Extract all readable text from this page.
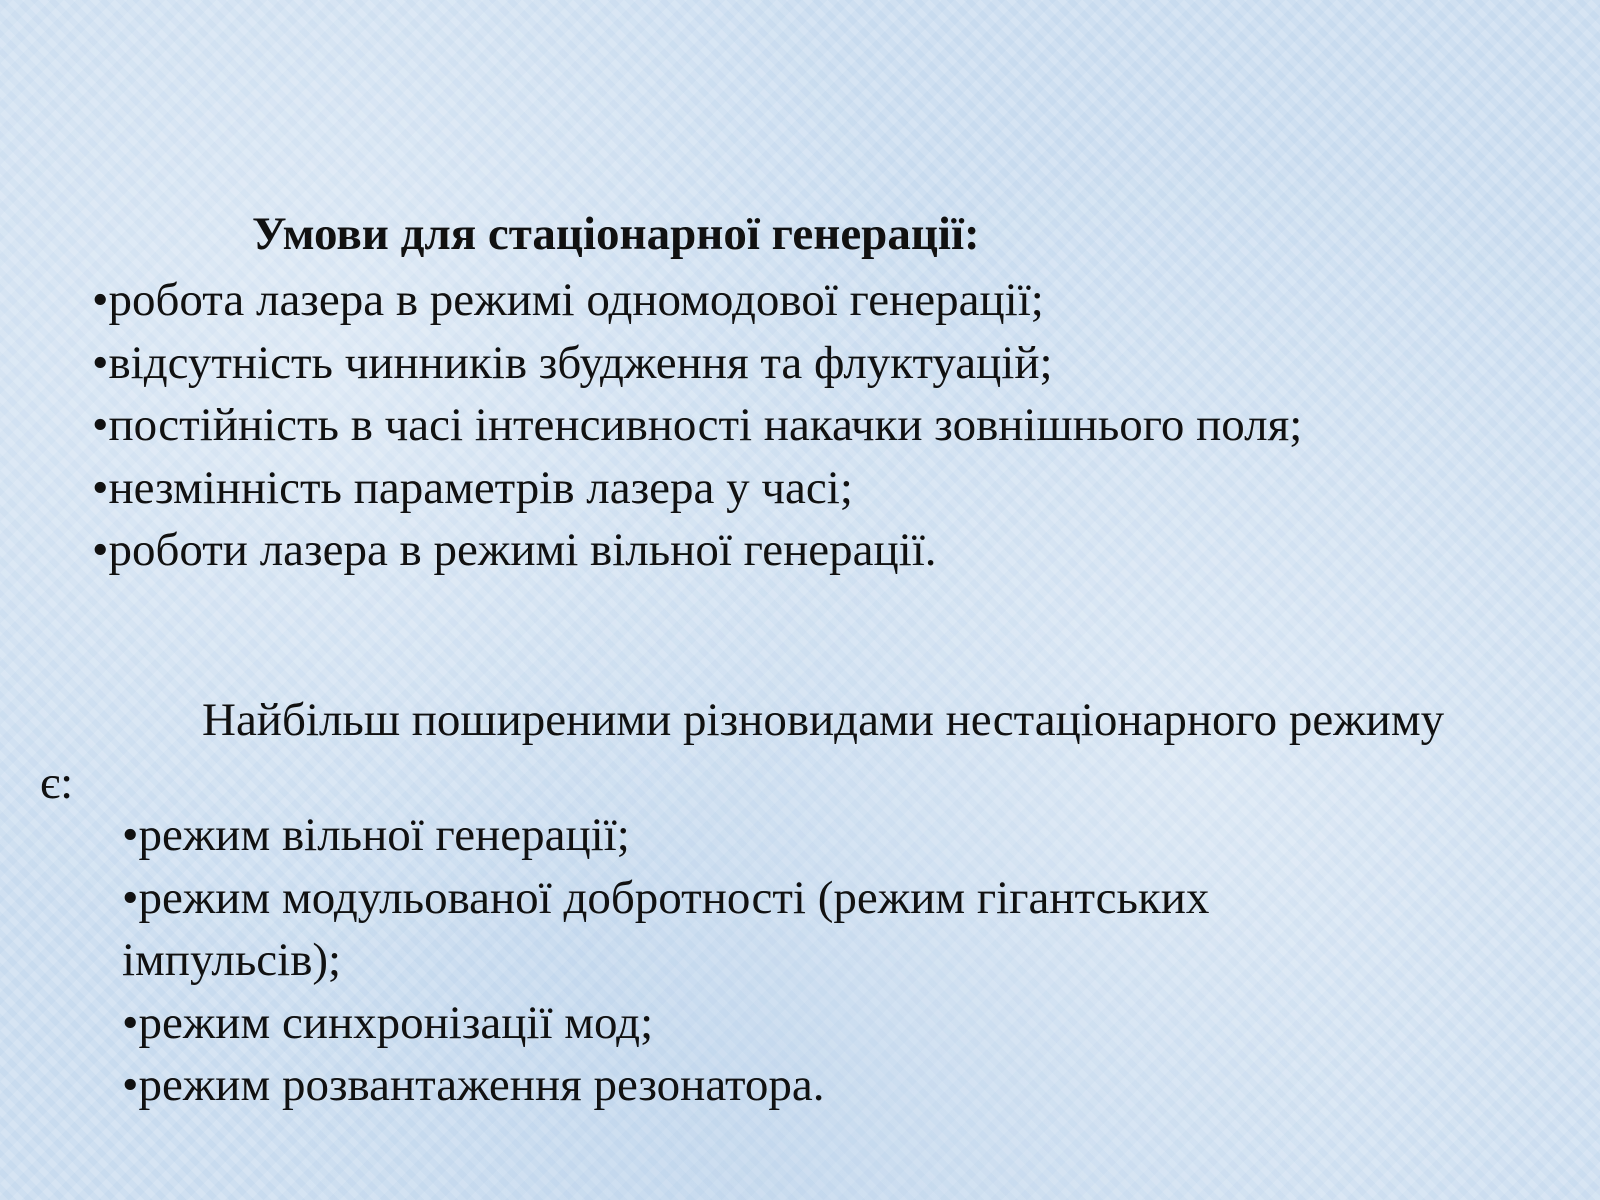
Умови для стаціонарної генерації:
• робота лазера в режимі одномодової генерації;
• відсутність чинників збудження та флуктуацій;
• постійність в часі інтенсивності накачки зовнішнього поля;
• незмінність параметрів лазера у часі;
• роботи лазера в режимі вільної генерації.

Найбільш поширеними різновидами нестаціонарного режиму є:

• режим вільної генерації;
• режим модульованої добротності (режим гігантських імпульсів);
• режим синхронізації мод;
• режим розвантаження резонатора.
